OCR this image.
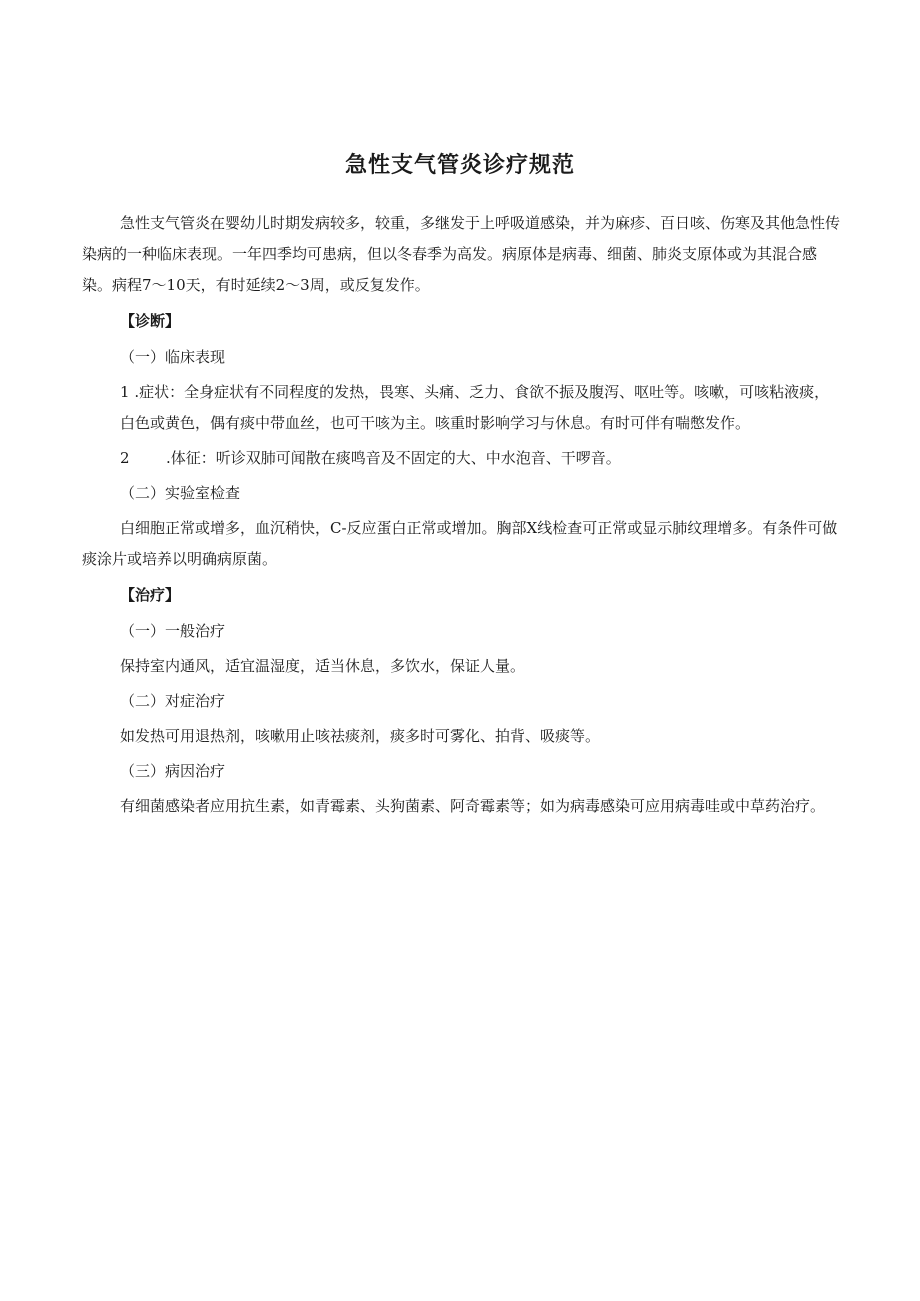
急性支气管炎诊疗规范

急性支气管炎在婴幼儿时期发病较多，较重，多继发于上呼吸道感染，并为麻疹、百日咳、伤寒及其他急性传染病的一种临床表现。一年四季均可患病，但以冬春季为高发。病原体是病毒、细菌、肺炎支原体或为其混合感染。病程7～10天，有时延续2～3周，或反复发作。

【诊断】

（一）临床表现

1 .症状：全身症状有不同程度的发热，畏寒、头痛、乏力、食欲不振及腹泻、呕吐等。咳嗽，可咳粘液痰，白色或黄色，偶有痰中带血丝，也可干咳为主。咳重时影响学习与休息。有时可伴有喘憋发作。

2 .体征：听诊双肺可闻散在痰鸣音及不固定的大、中水泡音、干啰音。

（二）实验室检查

白细胞正常或增多，血沉稍快，C-反应蛋白正常或增加。胸部X线检查可正常或显示肺纹理增多。有条件可做痰涂片或培养以明确病原菌。

【治疗】

（一）一般治疗

保持室内通风，适宜温湿度，适当休息，多饮水，保证人量。

（二）对症治疗

如发热可用退热剂，咳嗽用止咳祛痰剂，痰多时可雾化、拍背、吸痰等。

（三）病因治疗

有细菌感染者应用抗生素，如青霉素、头狗菌素、阿奇霉素等；如为病毒感染可应用病毒哇或中草药治疗。
